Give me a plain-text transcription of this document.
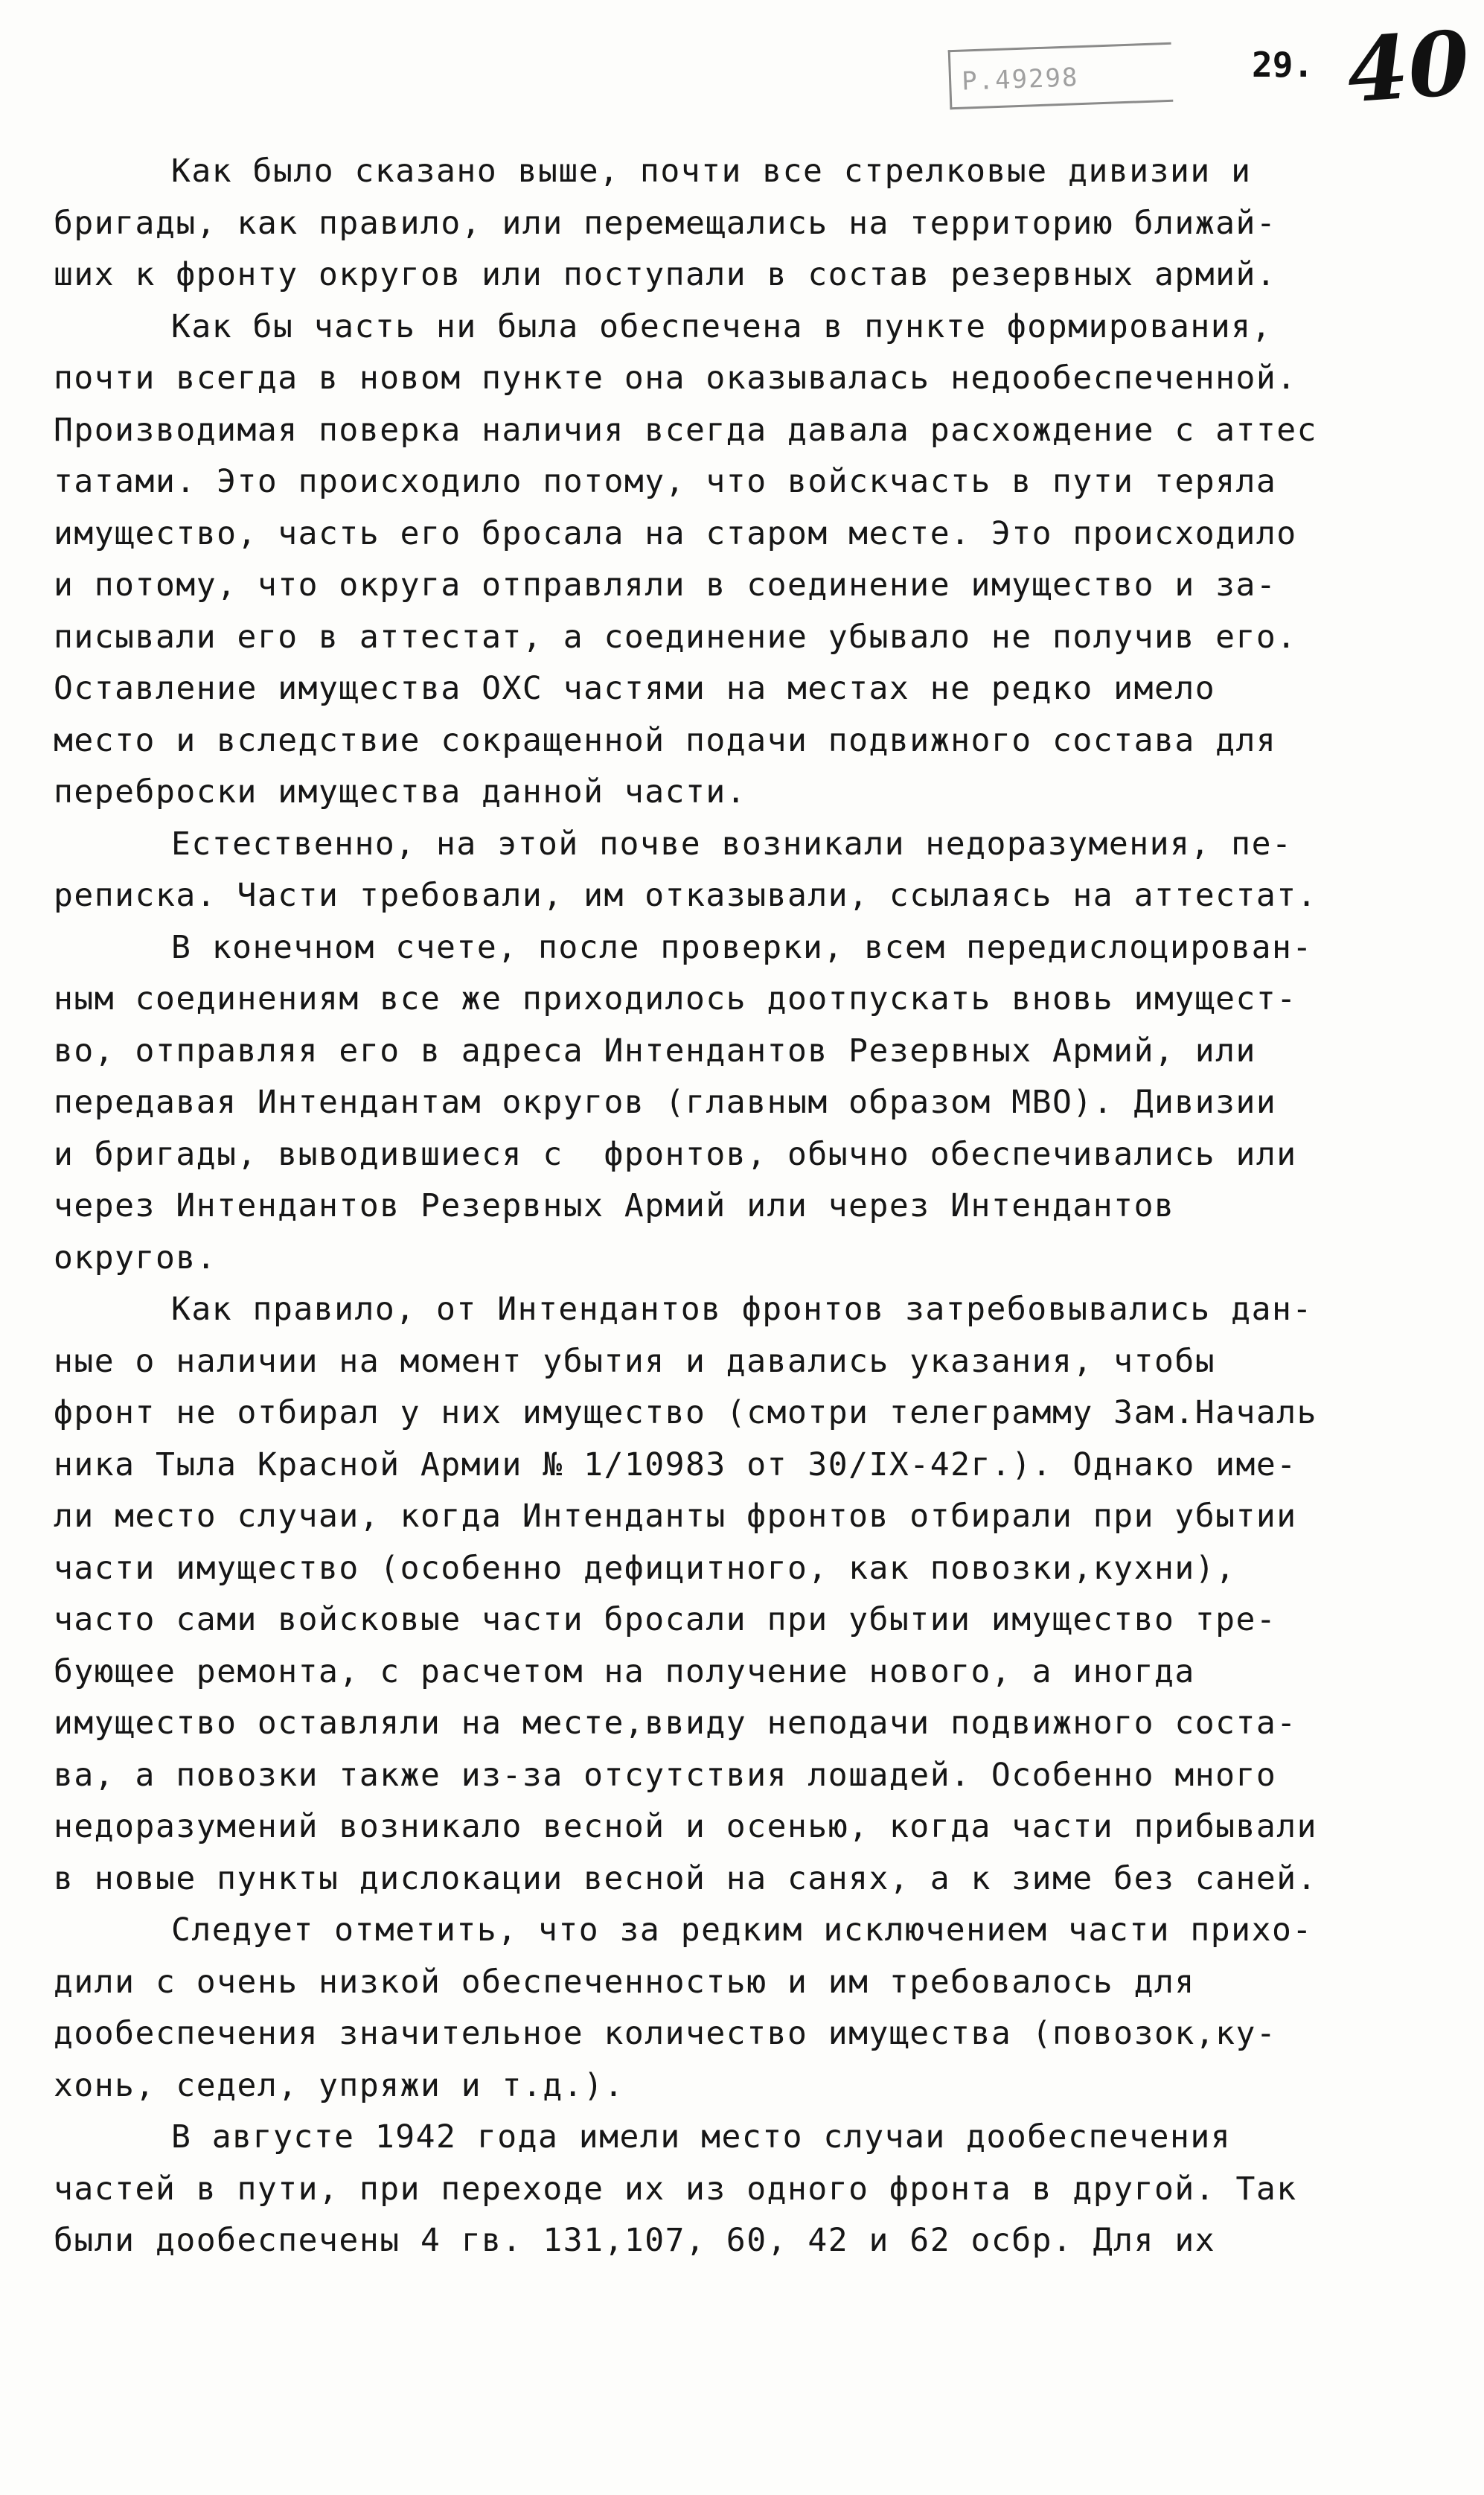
Р.49298	29. 40
Как было сказано выше, почти все стрелковые дивизии и
бригады, как правило, или перемещались на территорию ближай-
ших к фронту округов или поступали в состав резервных армий.
Как бы часть ни была обеспечена в пункте формирования,
почти всегда в новом пункте она оказывалась недообеспеченной.
Производимая поверка наличия всегда давала расхождение с аттес
татами. Это происходило потому, что войскчасть в пути теряла
имущество, часть его бросала на старом месте. Это происходило
и потому, что округа отправляли в соединение имущество и за-
писывали его в аттестат, а соединение убывало не получив его.
Оставление имущества ОХС частями на местах не редко имело
место и вследствие сокращенной подачи подвижного состава для
переброски имущества данной части.
Естественно, на этой почве возникали недоразумения, пе-
реписка. Части требовали, им отказывали, ссылаясь на аттестат.
В конечном счете, после проверки, всем передислоцирован-
ным соединениям все же приходилось доотпускать вновь имущест-
во, отправляя его в адреса Интендантов Резервных Армий, или
передавая Интендантам округов (главным образом МВО). Дивизии
и бригады, выводившиеся с  фронтов, обычно обеспечивались или
через Интендантов Резервных Армий или через Интендантов
округов.
Как правило, от Интендантов фронтов затребовывались дан-
ные о наличии на момент убытия и давались указания, чтобы
фронт не отбирал у них имущество (смотри телеграмму Зам.Началь
ника Тыла Красной Армии № 1/10983 от 30/IX-42г.). Однако име-
ли место случаи, когда Интенданты фронтов отбирали при убытии
части имущество (особенно дефицитного, как повозки,кухни),
часто сами войсковые части бросали при убытии имущество тре-
бующее ремонта, с расчетом на получение нового, а иногда
имущество оставляли на месте,ввиду неподачи подвижного соста-
ва, а повозки также из-за отсутствия лошадей. Особенно много
недоразумений возникало весной и осенью, когда части прибывали
в новые пункты дислокации весной на санях, а к зиме без саней.
Следует отметить, что за редким исключением части прихо-
дили с очень низкой обеспеченностью и им требовалось для
дообеспечения значительное количество имущества (повозок,ку-
хонь, седел, упряжи и т.д.).
В августе 1942 года имели место случаи дообеспечения
частей в пути, при переходе их из одного фронта в другой. Так
были дообеспечены 4 гв. 131,107, 60, 42 и 62 осбр. Для их
